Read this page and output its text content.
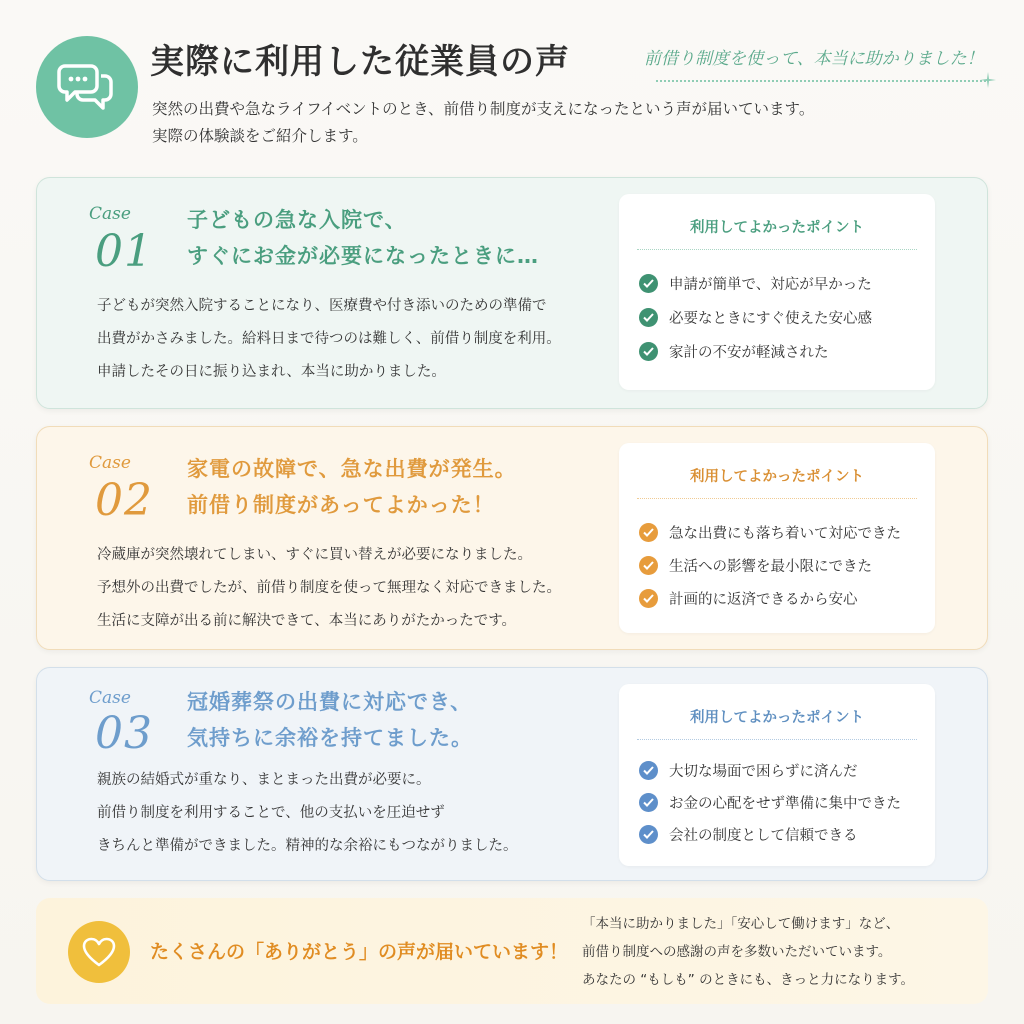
実際に利用した従業員の声	前借り制度を使って、本当に助かりました！
突然の出費や急なライフイベントのとき、前借り制度が支えになったという声が届いています。
実際の体験談をご紹介します。
Case
01
子どもの急な入院で、
すぐにお金が必要になったときに…
子どもが突然入院することになり、医療費や付き添いのための準備で
出費がかさみました。給料日まで待つのは難しく、前借り制度を利用。
申請したその日に振り込まれ、本当に助かりました。
利用してよかったポイント
申請が簡単で、対応が早かった
必要なときにすぐ使えた安心感
家計の不安が軽減された
Case
02
家電の故障で、急な出費が発生。
前借り制度があってよかった！
冷蔵庫が突然壊れてしまい、すぐに買い替えが必要になりました。
予想外の出費でしたが、前借り制度を使って無理なく対応できました。
生活に支障が出る前に解決できて、本当にありがたかったです。
利用してよかったポイント
急な出費にも落ち着いて対応できた
生活への影響を最小限にできた
計画的に返済できるから安心
Case
03
冠婚葬祭の出費に対応でき、
気持ちに余裕を持てました。
親族の結婚式が重なり、まとまった出費が必要に。
前借り制度を利用することで、他の支払いを圧迫せず
きちんと準備ができました。精神的な余裕にもつながりました。
利用してよかったポイント
大切な場面で困らずに済んだ
お金の心配をせず準備に集中できた
会社の制度として信頼できる
たくさんの「ありがとう」の声が届いています！
「本当に助かりました」「安心して働けます」など、
前借り制度への感謝の声を多数いただいています。
あなたの “もしも” のときにも、きっと力になります。
